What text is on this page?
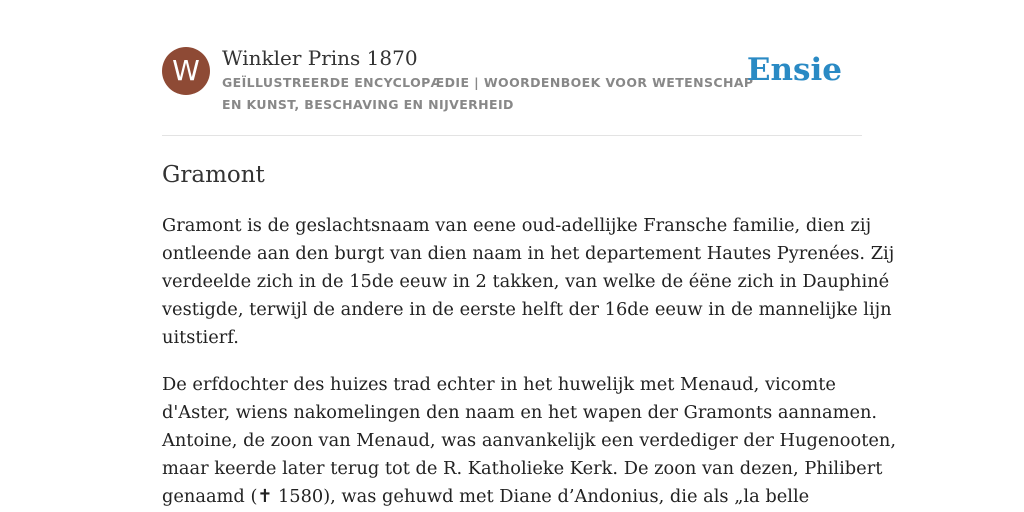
W	Winkler Prins 1870
GEÏLLUSTREERDE ENCYCLOPÆDIE | WOORDENBOEK VOOR WETENSCHAP EN KUNST, BESCHAVING EN NIJVERHEID
Ensie
Gramont

Gramont is de geslachtsnaam van eene oud-adellijke Fransche familie, dien zij
ontleende aan den burgt van dien naam in het departement Hautes Pyrenées. Zij
verdeelde zich in de 15de eeuw in 2 takken, van welke de éëne zich in Dauphiné
vestigde, terwijl de andere in de eerste helft der 16de eeuw in de mannelijke lijn
uitstierf.

De erfdochter des huizes trad echter in het huwelijk met Menaud, vicomte
d'Aster, wiens nakomelingen den naam en het wapen der Gramonts aannamen.
Antoine, de zoon van Menaud, was aanvankelijk een verdediger der Hugenooten,
maar keerde later terug tot de R. Katholieke Kerk. De zoon van dezen, Philibert
genaamd (✝ 1580), was gehuwd met Diane d’Andonius, die als „la belle
